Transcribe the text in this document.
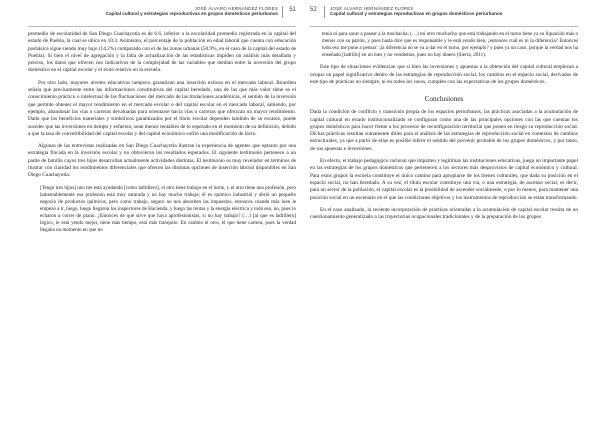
JOSÉ ÁLVARO HERNÁNDEZ FLORES
Capital cultural y estrategias reproductivas en grupos domésticos periurbanos
51

promedio de escolaridad de San Diego Cuachayotla es de 6.6, inferior a la escolaridad promedio registrada en la capital del estado de Puebla, la cual se ubica en 10.3. Asimismo, el porcentaje de la población en edad laboral que cuenta con educación posbásica sigue siendo muy bajo (14.2%) comparado con el de las zonas urbanas (50.9%, en el caso de la capital del estado de Puebla). Si bien el nivel de agregación y la falta de actualización de las estadísticas impiden un análisis más detallado y preciso, los datos que ofrecen son indicativos de la complejidad de las variables que median entre la inversión del grupo doméstico en el capital escolar y el éxito relativo en la escuela.

Por otro lado, mayores niveles educativos tampoco garantizan una inserción exitosa en el mercado laboral. Bourdieu señala que precisamente entre las informaciones constitutivas del capital heredado, una de las que más valor tiene es el conocimiento práctico o intelectual de las fluctuaciones del mercado de las titulaciones académicas, el sentido de la inversión que permite obtener el mayor rendimiento en el mercado escolar o del capital escolar en el mercado laboral, sabiendo, por ejemplo, abandonar las vías o carreras devaluadas para orientarse hacia vías o carreras que ofrezcan un mayor rendimiento. Dado que los beneficios materiales y simbólicos garantizados por el título escolar dependen también de su escasez, puede suceder que las inversiones en tiempo y esfuerzo, sean menos rentables de lo esperado en el momento de su definición, debido a que la tasa de convertibilidad del capital escolar y del capital económico sufrió una modificación de facto.

Algunas de las entrevistas realizadas en San Diego Cuachayotla ilustran la experiencia de agentes que optaron por una estrategia fincada en la inversión escolar y no obtuvieron los resultados esperados. El siguiente testimonio pertenece a un padre de familia cuyos tres hijos desarrollan actualmente actividades distintas. El testimonio es muy revelador en términos de ilustrar con claridad los rendimientos diferenciales que ofrecen las distintas opciones de inserción laboral disponibles en San Diego Cuachayotla:

[Tengo tres hijos] uno me está ayudando [como ladrillero], el otro tiene trabajo en el turno, y el otro tiene una profesión, pero lamentablemente esa profesión está muy saturada y no hay mucho trabajo; él es químico industrial y abrió un pequeño negocio de productos químicos, pero como trabajo, seguro no nos absorben las impuestos, entonces cuando más bien le empezó a ir, luego, luego llegaron los inspectores de Hacienda, y luego las rentas y la energía eléctrica y todo eso, no, pues lo echaron a correr de plano. ¡Entonces de qué sirve que haya aprofesionistas, si no hay trabajo? (…) [al que es ladrillero] lógico, le está yendo mejor, tiene más tiempo, está más tranquilo. En cambio el otro, el que tiene carrera, pues la verdad llegaba un momento en que no

52	JOSÉ ÁLVARO HERNÁNDEZ FLORES
Capital cultural y estrategias reproductivas en grupos domésticos periurbanos

tenía ni para sacar a pasear a la muchacha; (…) mi otro muchacho que está trabajando en el turno tiene ya su liquación más o menos con su patrón, y pues hasta dice que es responsable y le está yendo bien, ¡entonces cuál es ni la diferencia? Entonces todo eso me pone a pensar: ¡la diferencia no se va a dar en el turno, por ejemplo? y pues ya un caso, porque la verdad nos ha enseñado [ladrillo] en un mes y no vendemos, pues no hay dinero (Sierra, 2011).

Este tipo de situaciones evidencian que si bien las inversiones y apuestas a la obtención del capital cultural empiezan a ocupar un papel significativo dentro de las estrategias de reproducción social, los cambios en el espacio social, derivados de este tipo de prácticas no siempre, ni en todos los casos, cumplen con las expectativas de los grupos domésticos.

Conclusiones

Dada la condición de conflicto y transición propia de los espacios periurbanos, las prácticas asociadas a la acumulación de capital cultural en estado institucionalizado se configuran como una de las principales opciones con las que cuentan los grupos domésticos para hacer frente a los procesos de reconfiguración territorial que ponen en riesgo su reproducción social. Dichas prácticas resultan sumamente útiles para el análisis de las estrategias de reproducción social en contextos de cambios estructurales, ya que a partir de ellas es posible inferir el sentido del porvenir probable de los grupos domésticos, y por tanto, de sus apuestas e inversiones.

En efecto, el trabajo pedagógico racional que imparten y legitiman las instituciones educativas, juega un importante papel en las estrategias de los grupos domésticos que pertenecen a los sectores más desprovistos de capital económico y cultural. Para estos grupos la escuela constituye el único camino para apropiarse de los bienes culturales, que dada su posición en el espacio social, no han heredado. A su vez, el título escolar constituye una vía, o una estrategia, de ascenso social, es decir, para un sector de la población, el capital escolar es la posibilidad de ascender socialmente, o por lo menos, para mantener una posición social en un escenario en el que las condiciones objetivas y los instrumentos de reproducción se están transformando.

En el caso analizado, la reciente incorporación de prácticas orientadas a la acumulación de capital escolar resulta de un cuestionamiento generalizado a las trayectorias ocupacionales tradicionales y de la preparación de los grupos
